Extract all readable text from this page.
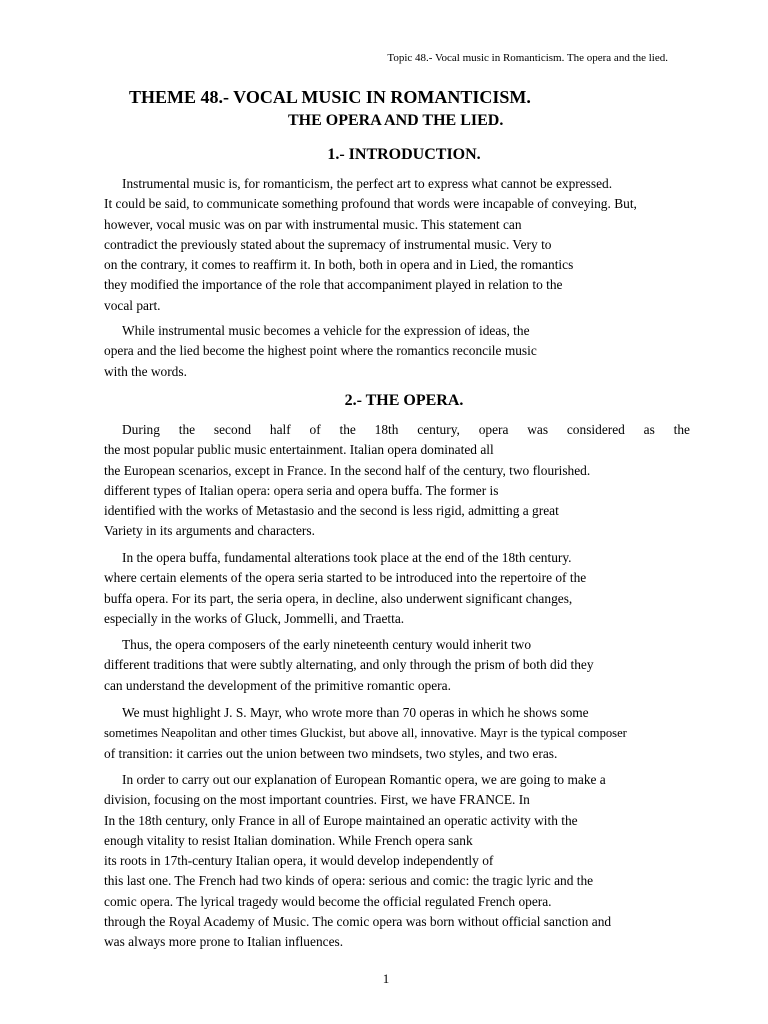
Topic 48.- Vocal music in Romanticism. The opera and the lied.
THEME 48.- VOCAL MUSIC IN ROMANTICISM.
THE OPERA AND THE LIED.
1.- INTRODUCTION.
Instrumental music is, for romanticism, the perfect art to express what cannot be expressed.
It could be said, to communicate something profound that words were incapable of conveying. But,
however, vocal music was on par with instrumental music. This statement can
contradict the previously stated about the supremacy of instrumental music. Very to
on the contrary, it comes to reaffirm it. In both, both in opera and in Lied, the romantics
they modified the importance of the role that accompaniment played in relation to the
vocal part.
While instrumental music becomes a vehicle for the expression of ideas, the
opera and the lied become the highest point where the romantics reconcile music
with the words.
2.- THE OPERA.
During the second half of the 18th century, opera was considered as the
the most popular public music entertainment. Italian opera dominated all
the European scenarios, except in France. In the second half of the century, two flourished.
different types of Italian opera: opera seria and opera buffa. The former is
identified with the works of Metastasio and the second is less rigid, admitting a great
Variety in its arguments and characters.
In the opera buffa, fundamental alterations took place at the end of the 18th century.
where certain elements of the opera seria started to be introduced into the repertoire of the
buffa opera. For its part, the seria opera, in decline, also underwent significant changes,
especially in the works of Gluck, Jommelli, and Traetta.
Thus, the opera composers of the early nineteenth century would inherit two
different traditions that were subtly alternating, and only through the prism of both did they
can understand the development of the primitive romantic opera.
We must highlight J. S. Mayr, who wrote more than 70 operas in which he shows some
sometimes Neapolitan and other times Gluckist, but above all, innovative. Mayr is the typical composer
of transition: it carries out the union between two mindsets, two styles, and two eras.
In order to carry out our explanation of European Romantic opera, we are going to make a
division, focusing on the most important countries. First, we have FRANCE. In
In the 18th century, only France in all of Europe maintained an operatic activity with the
enough vitality to resist Italian domination. While French opera sank
its roots in 17th-century Italian opera, it would develop independently of
this last one. The French had two kinds of opera: serious and comic: the tragic lyric and the
comic opera. The lyrical tragedy would become the official regulated French opera.
through the Royal Academy of Music. The comic opera was born without official sanction and
was always more prone to Italian influences.
1
